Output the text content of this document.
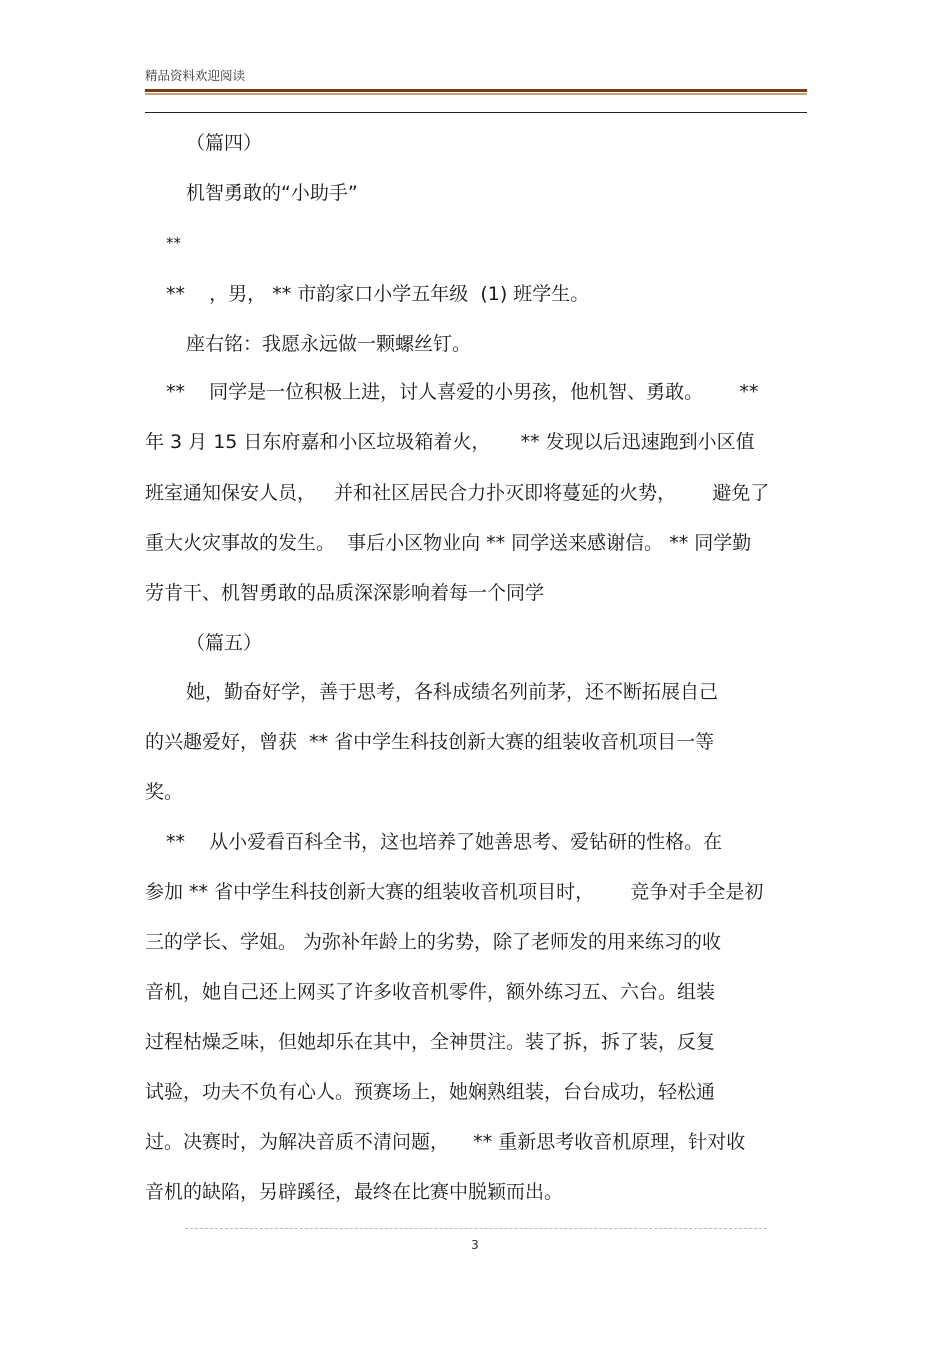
精品资料欢迎阅读
（篇四）
机智勇敢的“小助手”
**
**    ，男， ** 市韵家口小学五年级  (1) 班学生。
座右铭：我愿永远做一颗螺丝钉。
**    同学是一位积极上进，讨人喜爱的小男孩，他机智、勇敢。      **
年 3 月 15 日东府嘉和小区垃圾箱着火，     ** 发现以后迅速跑到小区值
班室通知保安人员，   并和社区居民合力扑灭即将蔓延的火势，      避免了
重大火灾事故的发生。  事后小区物业向 ** 同学送来感谢信。 ** 同学勤
劳肯干、机智勇敢的品质深深影响着每一个同学
（篇五）
她，勤奋好学，善于思考，各科成绩名列前茅，还不断拓展自己
的兴趣爱好，曾获  ** 省中学生科技创新大赛的组装收音机项目一等
奖。
**    从小爱看百科全书，这也培养了她善思考、爱钻研的性格。在
参加 ** 省中学生科技创新大赛的组装收音机项目时，      竞争对手全是初
三的学长、学姐。 为弥补年龄上的劣势，除了老师发的用来练习的收
音机，她自己还上网买了许多收音机零件，额外练习五、六台。组装
过程枯燥乏味，但她却乐在其中，全神贯注。装了拆，拆了装，反复
试验，功夫不负有心人。预赛场上，她娴熟组装，台台成功，轻松通
过。决赛时，为解决音质不清问题，    ** 重新思考收音机原理，针对收
音机的缺陷，另辟蹊径，最终在比赛中脱颖而出。
3
